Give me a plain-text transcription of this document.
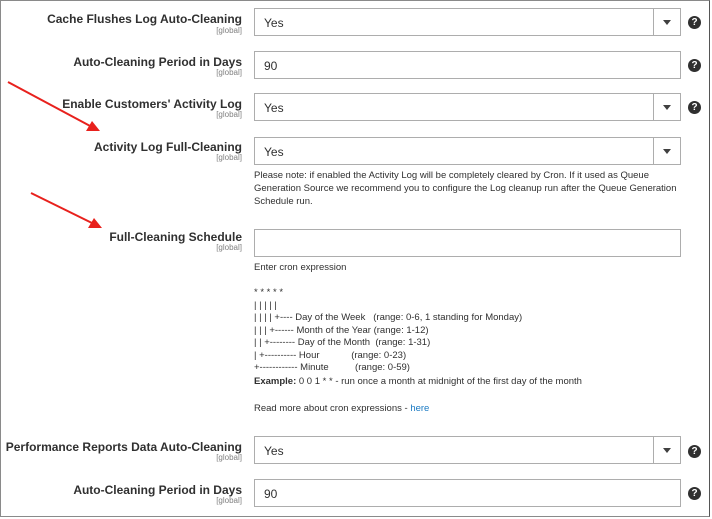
Cache Flushes Log Auto-Cleaning
[global]
Yes	?
Auto-Cleaning Period in Days
[global] 90	?
Enable Customers' Activity Log
[global] Yes	?
Activity Log Full-Cleaning
[global] Yes
Please note: if enabled the Activity Log will be completely cleared by Cron. If it used as Queue Generation Source we recommend you to configure the Log cleanup run after the Queue Generation Schedule run.
Full-Cleaning Schedule
[global]
Enter cron expression
* * * * *
| | | | |
| | | | +---- Day of the Week   (range: 0-6, 1 standing for Monday)
| | | +------ Month of the Year (range: 1-12)
| | +-------- Day of the Month  (range: 1-31)
| +---------- Hour            (range: 0-23)
+------------ Minute          (range: 0-59)
Example: 0 0 1 * * - run once a month at midnight of the first day of the month
Read more about cron expressions - here
Performance Reports Data Auto-Cleaning
[global] Yes	?
Auto-Cleaning Period in Days
[global] 90	?
